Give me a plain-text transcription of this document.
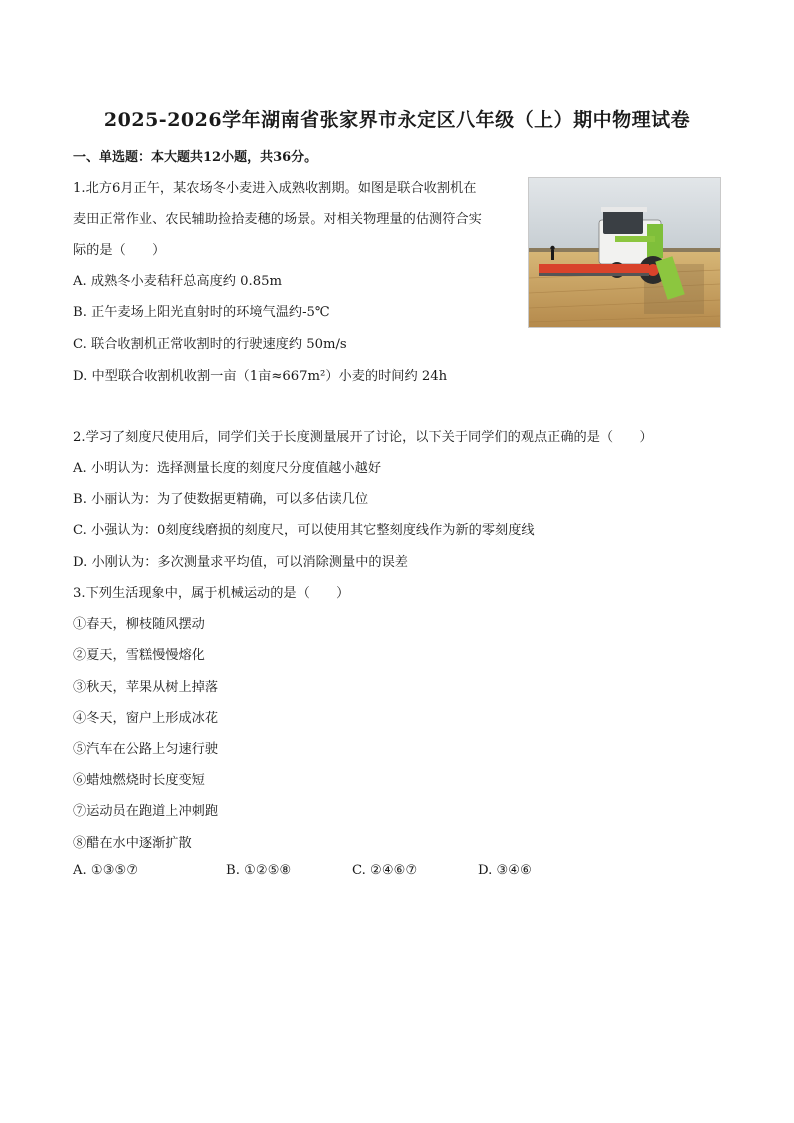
2025-2026学年湖南省张家界市永定区八年级（上）期中物理试卷
一、单选题：本大题共12小题，共36分。
1.北方6月正午，某农场冬小麦进入成熟收割期。如图是联合收割机在
麦田正常作业、农民辅助捡拾麦穗的场景。对相关物理量的估测符合实
际的是（　　）
A. 成熟冬小麦秸秆总高度约 0.85m
B. 正午麦场上阳光直射时的环境气温约-5℃
C. 联合收割机正常收割时的行驶速度约 50m/s
D. 中型联合收割机收割一亩（1亩≈667m²）小麦的时间约 24h
2.学习了刻度尺使用后，同学们关于长度测量展开了讨论，以下关于同学们的观点正确的是（　　）
A. 小明认为：选择测量长度的刻度尺分度值越小越好
B. 小丽认为：为了使数据更精确，可以多估读几位
C. 小强认为：0刻度线磨损的刻度尺，可以使用其它整刻度线作为新的零刻度线
D. 小刚认为：多次测量求平均值，可以消除测量中的误差
3.下列生活现象中，属于机械运动的是（　　）
①春天，柳枝随风摆动
②夏天，雪糕慢慢熔化
③秋天，苹果从树上掉落
④冬天，窗户上形成冰花
⑤汽车在公路上匀速行驶
⑥蜡烛燃烧时长度变短
⑦运动员在跑道上冲刺跑
⑧醋在水中逐渐扩散
A. ①③⑤⑦	B. ①②⑤⑧	C. ②④⑥⑦	D. ③④⑥
